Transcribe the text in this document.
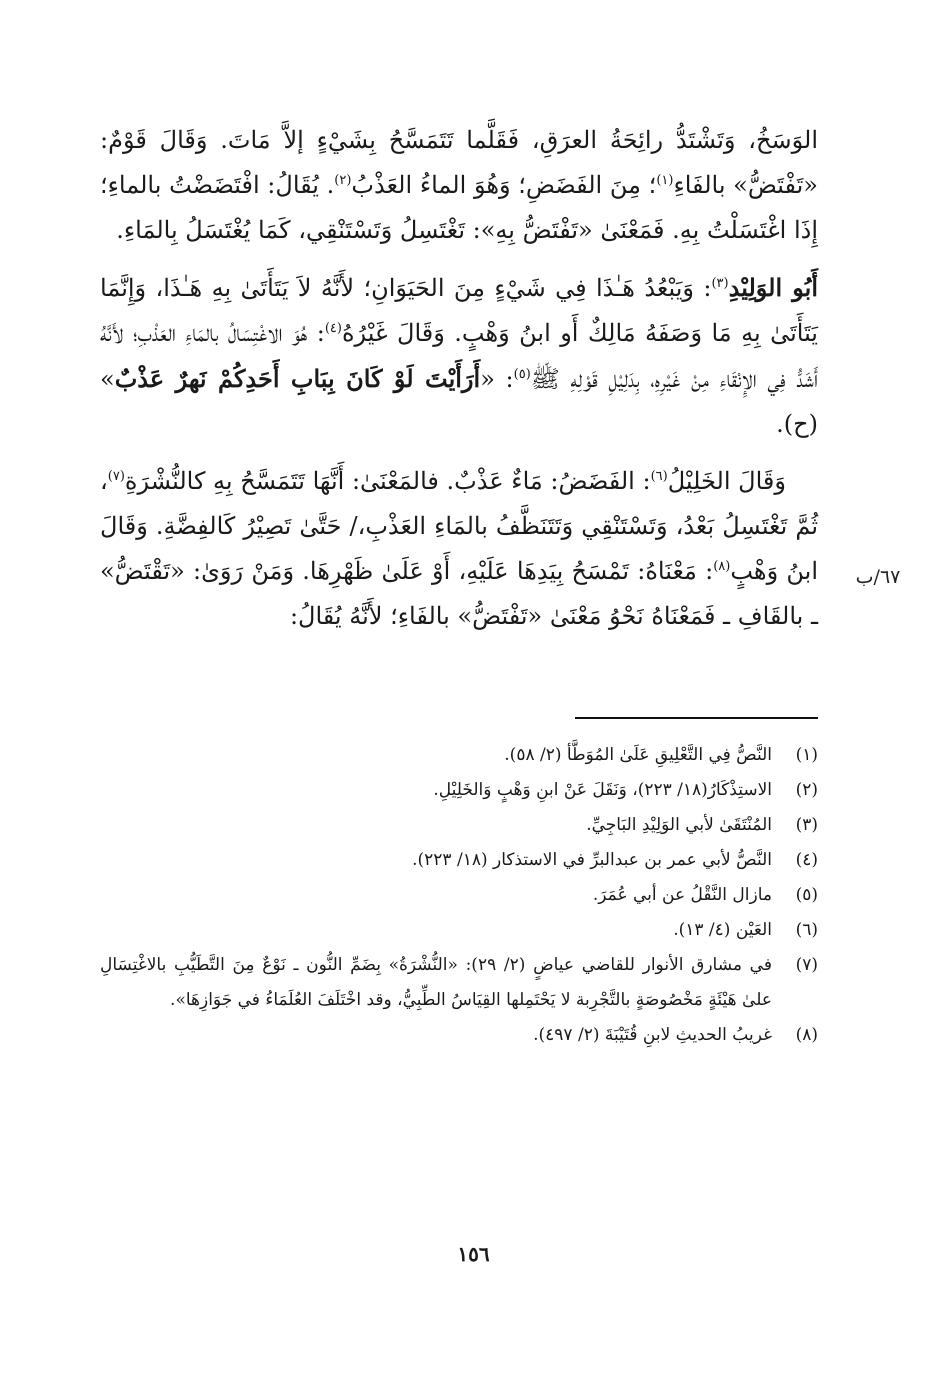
الوَسَخُ، وَتَشْتَدُّ رائِحَةُ العرَقِ، فَقَلَّما تَتَمَسَّحُ بِشَيْءٍ إلاَّ مَاتَ. وَقَالَ قَوْمٌ: «تَفْتَضُّ» بالفَاءِ$^{(١)}$؛ مِنَ الفَضَضِ؛ وَهُوَ الماءُ العَذْبُ$^{(٢)}$. يُقَالُ: افْتَضَضْتُ بالماءِ؛ إِذَا اغْتَسَلْتُ بِهِ. فَمَعْنَىٰ «تَفْتَضُّ بِهِ»: تَغْتَسِلُ وَتَسْتَنْقِي، كَمَا يُغْتَسَلُ بِالمَاءِ.

أَبُو الوَلِيْدِ$^{(٣)}$: وَيَبْعُدُ هَـٰذَا فِي شَيْءٍ مِنَ الحَيَوَانِ؛ لأَنَّهُ لاَ يَتَأَتَىٰ بِهِ هَـٰذَا، وَإِنَّمَا يَتَأَتَىٰ بِهِ مَا وَصَفَهُ مَالِكٌ أَو ابنُ وَهْبٍ. وَقَالَ غَيْرُهُ$^{(٤)}$: هُوَ الاغْتِسَالُ بالمَاءِ العَذْبِ؛ لأَنَّهُ أَشَدُّ فِي الإِنْقَاءِ مِنْ غَيْرِهِ، بِدَلِيْلِ قَوْلِهِ ﷺ$^{(٥)}$: «أَرَأَيْتَ لَوْ كَانَ بِبَابِ أَحَدِكُمْ نَهرٌ عَذْبٌ» (ح).

وَقَالَ الخَلِيْلُ$^{(٦)}$: الفَضَضُ: مَاءٌ عَذْبٌ. فالمَعْنَىٰ: أَنَّهَا تَتَمَسَّحُ بِهِ كالنُّشْرَةِ$^{(٧)}$، ثُمَّ تَغْتَسِلُ بَعْدُ، وَتَسْتَنْقِي وَتَتَنَظَّفُ بالمَاءِ العَذْبِ،/ حَتَّىٰ تَصِيْرُ كَالفِضَّةِ. وَقَالَ ابنُ وَهْبٍ$^{(٨)}$: مَعْنَاهُ: تَمْسَحُ بِيَدِهَا عَلَيْهِ، أَوْ عَلَىٰ ظَهْرِهَا. وَمَنْ رَوَىٰ: «تَقْتَضُّ» ـ بالقَافِ ـ فَمَعْنَاهُ نَحْوُ مَعْنَىٰ «تَفْتَضُّ» بالفَاءِ؛ لأَنَّهُ يُقَالُ:

٦٧/ب
(١)
النَّصُّ فِي التَّعْلِيقِ عَلَىٰ المُوَطَّأ (٢/ ٥٨).
(٢)
الاستِذْكَارُ(١٨/ ٢٢٣)، وَنَقَلَ عَنْ ابنِ وَهْبٍ وَالخَلِيْلِ.
(٣)
المُنْتَقَىٰ لأبي الوَلِيْدِ البَاجِيِّ.
(٤)
النَّصُّ لأبي عمر بن عبدالبرِّ في الاستذكار (١٨/ ٢٢٣).
(٥)
مازال النَّقْلُ عن أبي عُمَرَ.
(٦)
العَيْن (٤/ ١٣).
(٧)
في مشارق الأنوار للقاضي عياضٍ (٢/ ٢٩): «النُّشْرَةُ» بِضَمِّ النُّون ـ نَوْعٌ مِنَ التَّطَيُّبِ بالاغْتِسَالِ علىٰ هَيْئَةٍ مَخْصُوصَةٍ بالتَّجْرِبة لا يَحْتَمِلها القِيَاسُ الطِّبِيُّ، وقد اخْتَلَفَ العُلَمَاءُ في جَوَازِهَا».
(٨)
غريبُ الحديثِ لابنِ قُتَيْبَةَ (٢/ ٤٩٧).
١٥٦
